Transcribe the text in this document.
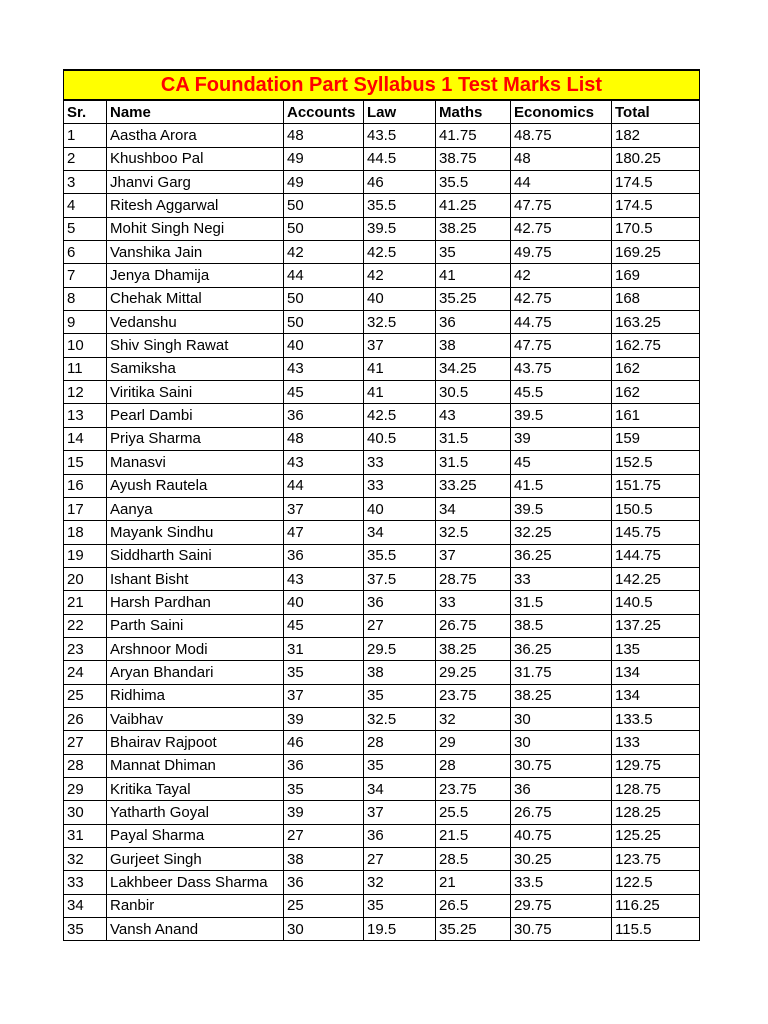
CA Foundation Part Syllabus 1 Test Marks List						
Sr.	Name	Accounts	Law	Maths	Economics	Total
1	Aastha Arora	48	43.5	41.75	48.75	182
2	Khushboo Pal	49	44.5	38.75	48	180.25
3	Jhanvi Garg	49	46	35.5	44	174.5
4	Ritesh Aggarwal	50	35.5	41.25	47.75	174.5
5	Mohit Singh Negi	50	39.5	38.25	42.75	170.5
6	Vanshika Jain	42	42.5	35	49.75	169.25
7	Jenya Dhamija	44	42	41	42	169
8	Chehak Mittal	50	40	35.25	42.75	168
9	Vedanshu	50	32.5	36	44.75	163.25
10	Shiv Singh Rawat	40	37	38	47.75	162.75
11	Samiksha	43	41	34.25	43.75	162
12	Viritika Saini	45	41	30.5	45.5	162
13	Pearl Dambi	36	42.5	43	39.5	161
14	Priya Sharma	48	40.5	31.5	39	159
15	Manasvi	43	33	31.5	45	152.5
16	Ayush Rautela	44	33	33.25	41.5	151.75
17	Aanya	37	40	34	39.5	150.5
18	Mayank Sindhu	47	34	32.5	32.25	145.75
19	Siddharth Saini	36	35.5	37	36.25	144.75
20	Ishant Bisht	43	37.5	28.75	33	142.25
21	Harsh Pardhan	40	36	33	31.5	140.5
22	Parth Saini	45	27	26.75	38.5	137.25
23	Arshnoor Modi	31	29.5	38.25	36.25	135
24	Aryan Bhandari	35	38	29.25	31.75	134
25	Ridhima	37	35	23.75	38.25	134
26	Vaibhav	39	32.5	32	30	133.5
27	Bhairav Rajpoot	46	28	29	30	133
28	Mannat Dhiman	36	35	28	30.75	129.75
29	Kritika Tayal	35	34	23.75	36	128.75
30	Yatharth Goyal	39	37	25.5	26.75	128.25
31	Payal Sharma	27	36	21.5	40.75	125.25
32	Gurjeet Singh	38	27	28.5	30.25	123.75
33	Lakhbeer Dass Sharma	36	32	21	33.5	122.5
34	Ranbir	25	35	26.5	29.75	116.25
35	Vansh Anand	30	19.5	35.25	30.75	115.5
